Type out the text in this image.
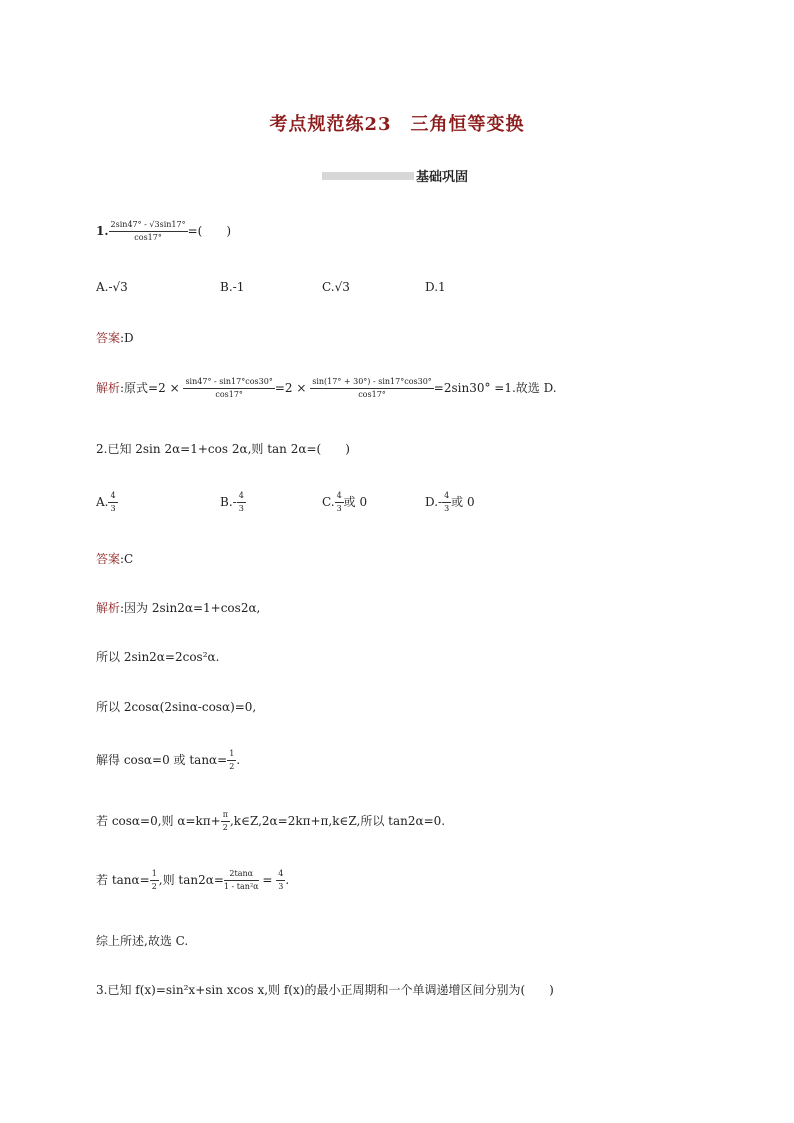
考点规范练23　三角恒等变换
基础巩固
1. $\frac{2\sin 47^\circ - √3\sin 17^\circ}{\cos 17^\circ}$ =(　　)
A.-√3	B.-1	C.√3	D.1
答案:D
解析:原式$=2 \times \frac{\sin 47^\circ - \sin 17^\circ\cos 30^\circ}{\cos 17^\circ} =2 \times \frac{\sin(17^\circ + 30^\circ) - \sin 17^\circ\cos 30^\circ}{\cos 17^\circ} =2\sin 30^\circ =1$.故选 D.
2.已知 2sin 2α=1+cos 2α,则 tan 2α=(　　)
A. $\frac{4}{3}$	$B.- \frac{4}{3}$	C. $\frac{4}{3}$ 或 0	$D.- \frac{4}{3}$ 或 0
答案:C
解析:因为 2sin2α=1+cos2α,
所以 2sin2α=2cos²α.
所以 2cosα(2sinα-cosα)=0,
解得 cosα=0 或 $\tan\alpha= \frac{1}{2}$ .
若 cosα=0,则 $\alpha=k\pi+ \frac{\pi}{2}$ ,k∈Z,2α=2kπ+π,k∈Z,所以 tan2α=0.
若 $\tan\alpha= \frac{1}{2}$ ,则 $\tan 2\alpha= \frac{2\tan\alpha}{\text{1 - tan²α}} = \frac{4}{3}$ .
综上所述,故选 C.
3.已知 f(x)=sin²x+sin xcos x,则 f(x)的最小正周期和一个单调递增区间分别为(　　)
